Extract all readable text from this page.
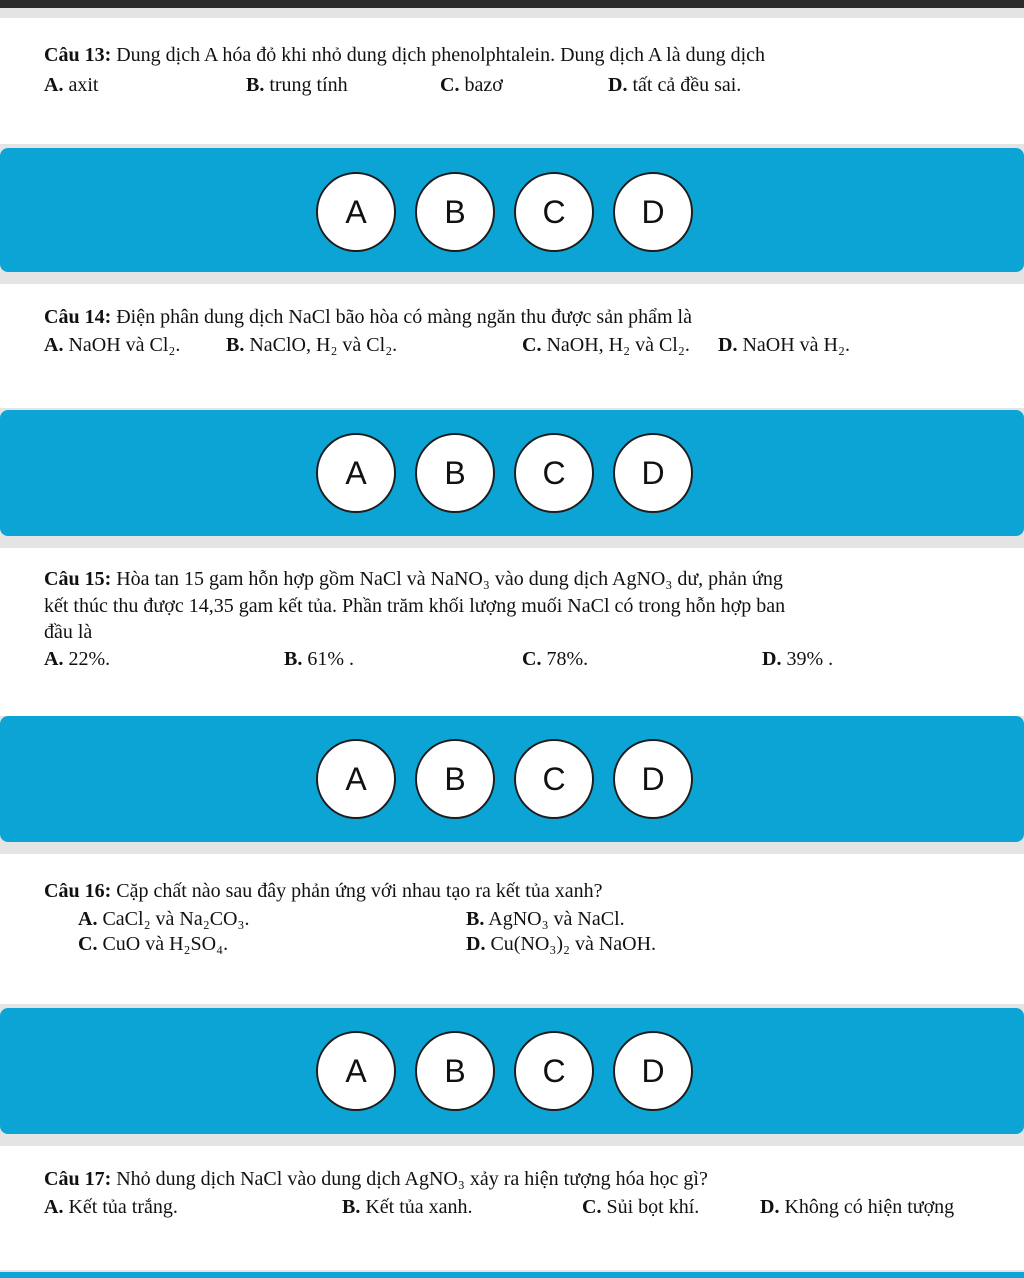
Câu 13: Dung dịch A hóa đỏ khi nhỏ dung dịch phenolphtalein. Dung dịch A là dung dịch
A. axit	B. trung tính	C. bazơ	D. tất cả đều sai.
A	B	C	D
Câu 14: Điện phân dung dịch NaCl bão hòa có màng ngăn thu được sản phẩm là
A. NaOH và Cl₂. B. NaClO, H₂ và Cl₂.	C. NaOH, H₂ và Cl₂. D. NaOH và H₂.
A	B	C	D
Câu 15: Hòa tan 15 gam hỗn hợp gồm NaCl và NaNO₃ vào dung dịch AgNO₃ dư, phản ứng
kết thúc thu được 14,35 gam kết tủa. Phần trăm khối lượng muối NaCl có trong hỗn hợp ban
đầu là
A. 22%.	B. 61% .	C. 78%.	D. 39% .
A	B	C	D
Câu 16: Cặp chất nào sau đây phản ứng với nhau tạo ra kết tủa xanh?
A. CaCl₂ và Na₂CO₃.	B. AgNO₃ và NaCl.
C. CuO và H₂SO₄.	D. Cu(NO₃)₂ và NaOH.
A	B	C	D
Câu 17: Nhỏ dung dịch NaCl vào dung dịch AgNO₃ xảy ra hiện tượng hóa học gì?
A. Kết tủa trắng.	B. Kết tủa xanh.	C. Sủi bọt khí.	D. Không có hiện tượng
